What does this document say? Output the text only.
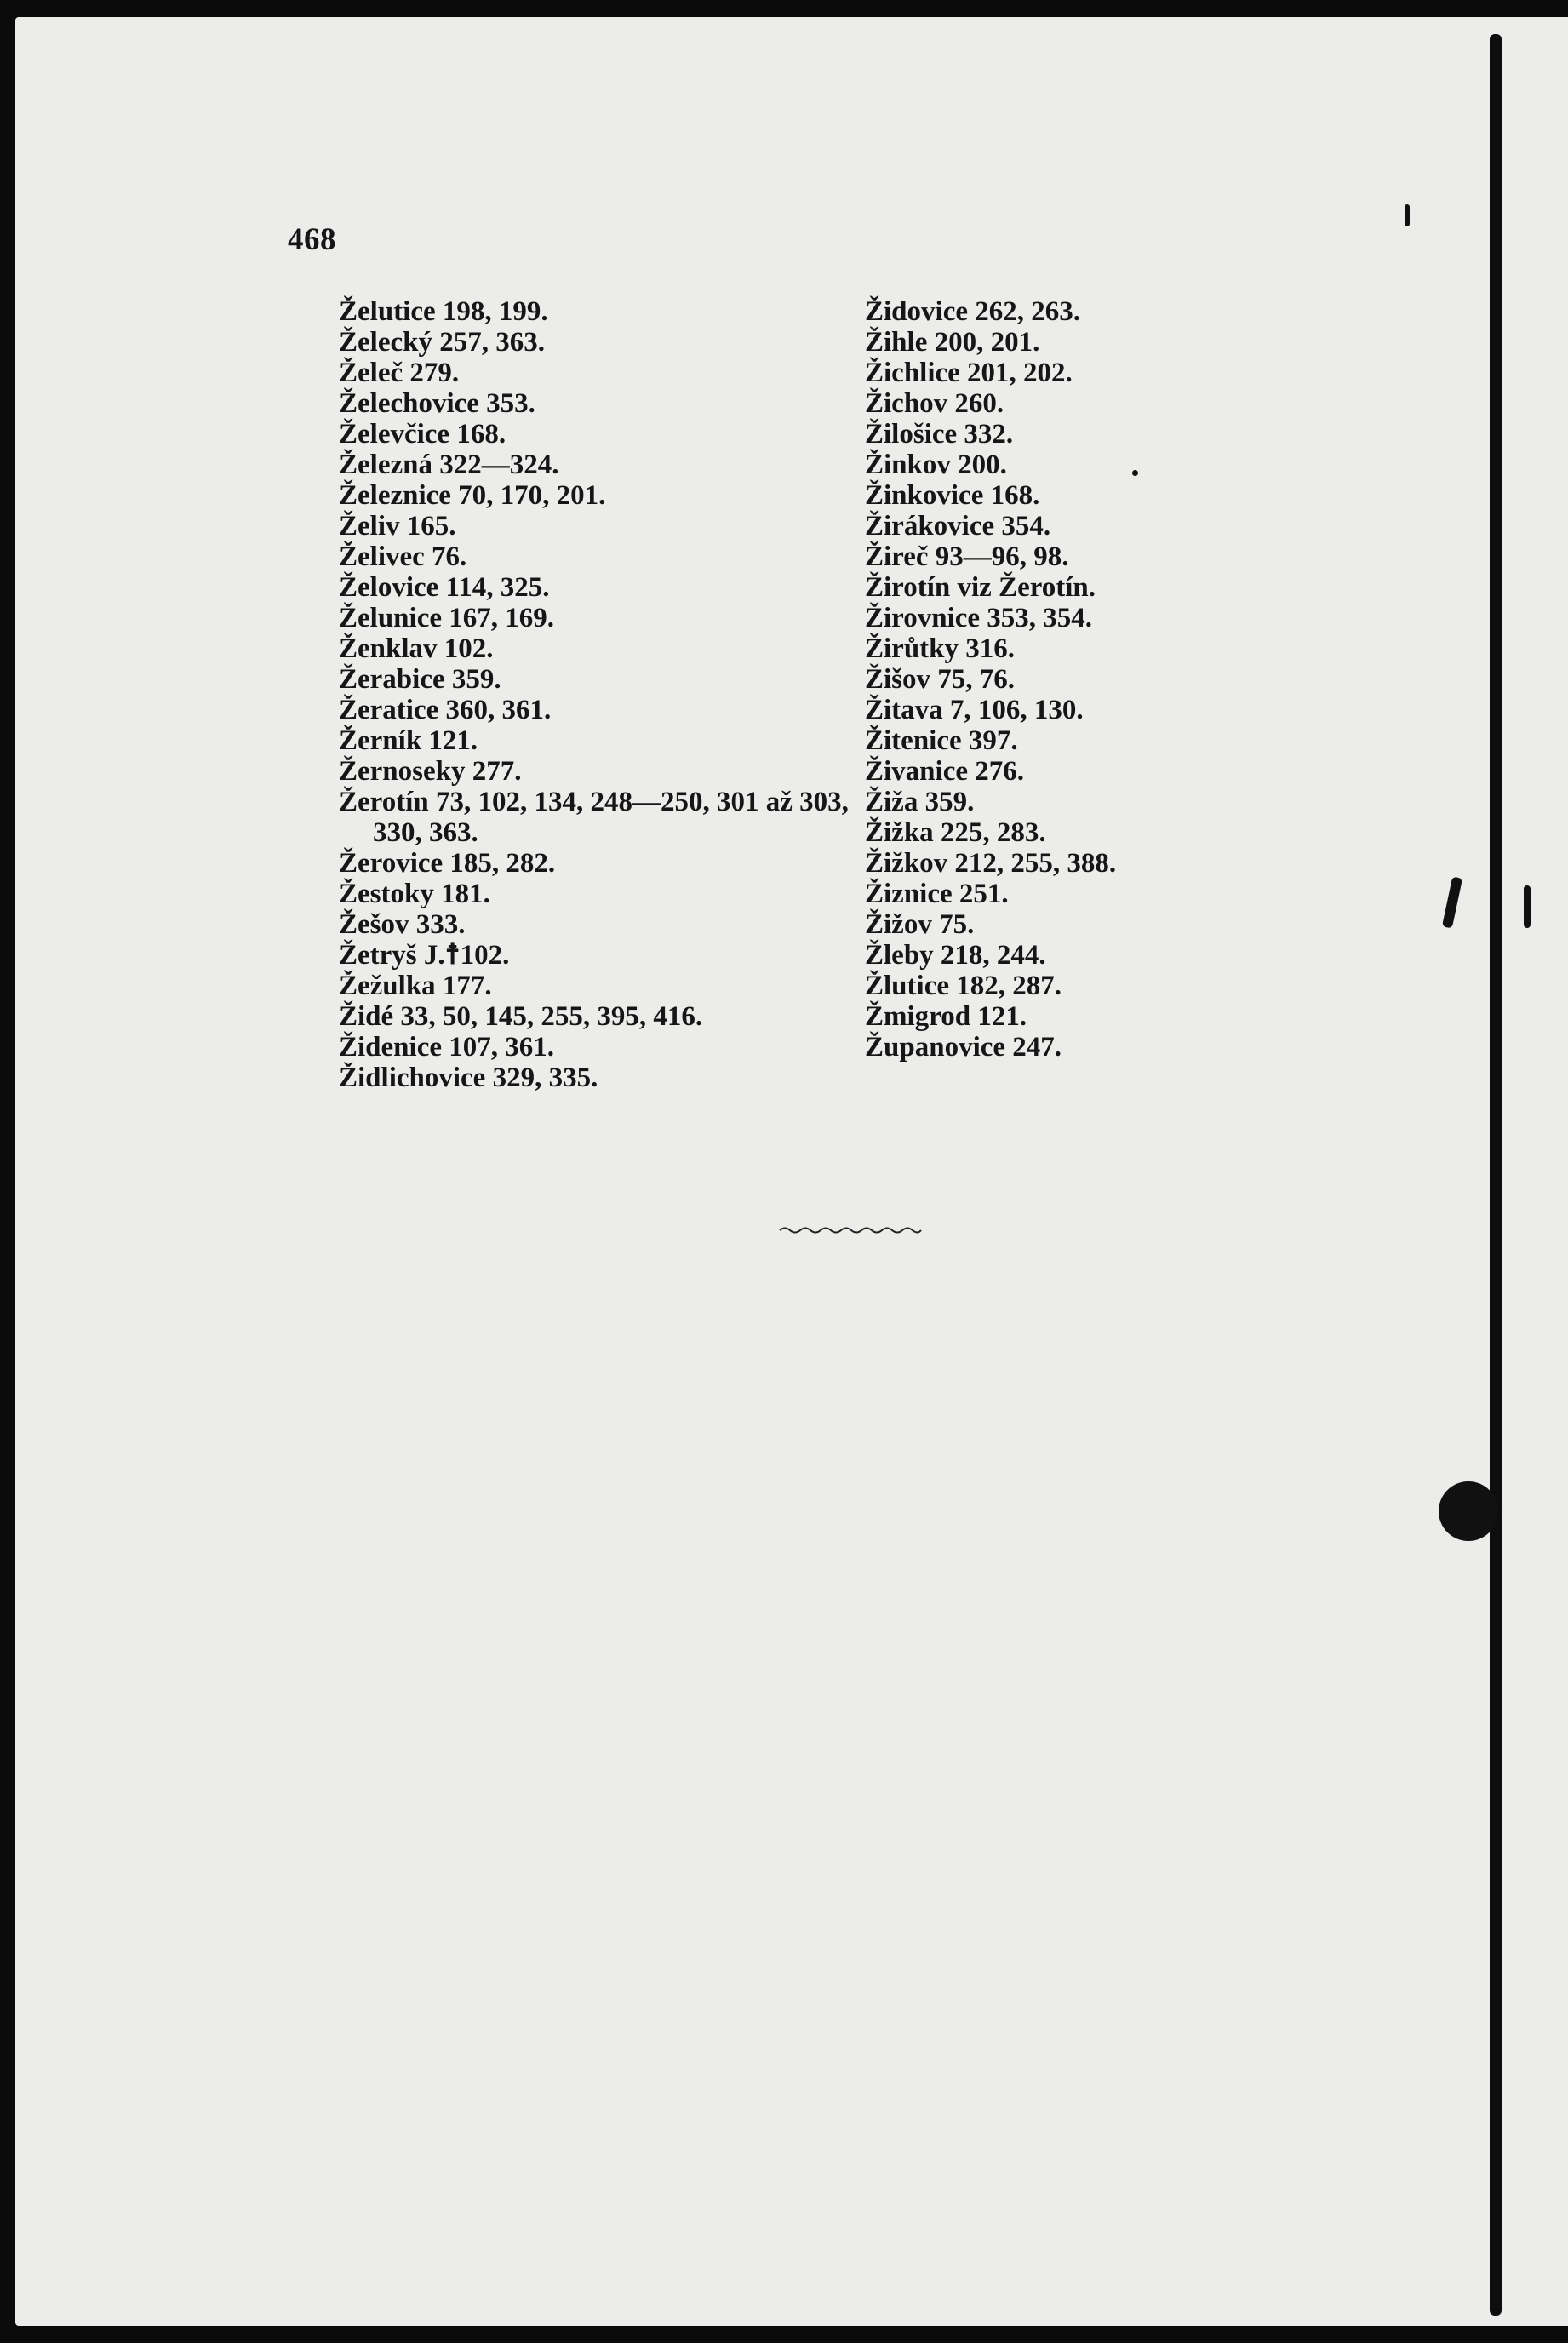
468
Želutice 198, 199.
Želecký 257, 363.
Želeč 279.
Želechovice 353.
Želevčice 168.
Železná 322—324.
Železnice 70, 170, 201.
Želiv 165.
Želivec 76.
Želovice 114, 325.
Želunice 167, 169.
Ženklav 102.
Žerabice 359.
Žeratice 360, 361.
Žerník 121.
Žernoseky 277.
Žerotín 73, 102, 134, 248—250, 301 až 303, 330, 363.
Žerovice 185, 282.
Žestoky 181.
Žešov 333.
Žetryš J.☨102.
Žežulka 177.
Židé 33, 50, 145, 255, 395, 416.
Židenice 107, 361.
Židlichovice 329, 335.
Židovice 262, 263.
Žihle 200, 201.
Žichlice 201, 202.
Žichov 260.
Žilošice 332.
Žinkov 200.
Žinkovice 168.
Žirákovice 354.
Žireč 93—96, 98.
Žirotín viz Žerotín.
Žirovnice 353, 354.
Žirůtky 316.
Žišov 75, 76.
Žitava 7, 106, 130.
Žitenice 397.
Živanice 276.
Žiža 359.
Žižka 225, 283.
Žižkov 212, 255, 388.
Žiznice 251.
Žižov 75.
Žleby 218, 244.
Žlutice 182, 287.
Žmigrod 121.
Županovice 247.
